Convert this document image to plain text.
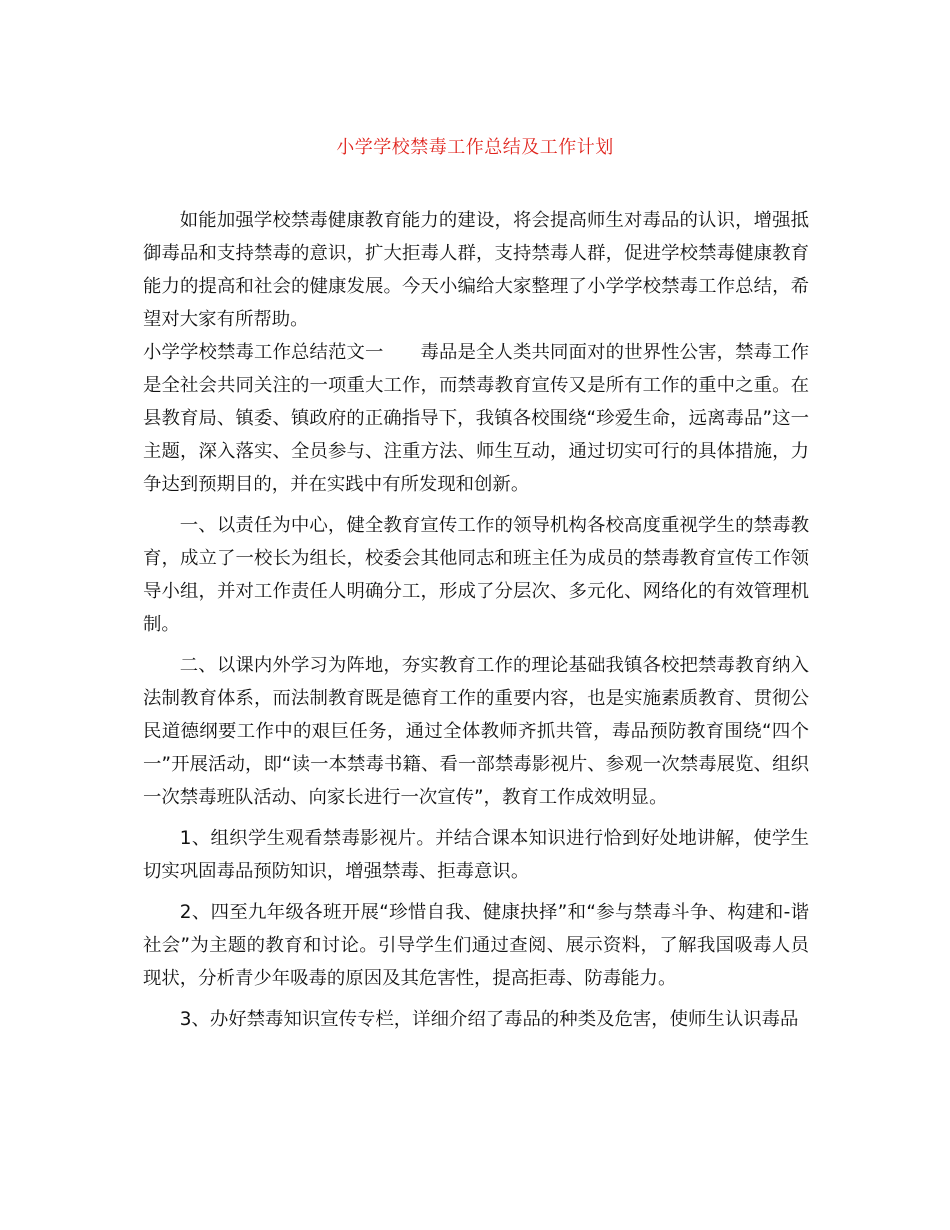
小学学校禁毒工作总结及工作计划

如能加强学校禁毒健康教育能力的建设，将会提高师生对毒品的认识，增强抵御毒品和支持禁毒的意识，扩大拒毒人群，支持禁毒人群，促进学校禁毒健康教育能力的提高和社会的健康发展。今天小编给大家整理了小学学校禁毒工作总结，希望对大家有所帮助。

小学学校禁毒工作总结范文一　　毒品是全人类共同面对的世界性公害，禁毒工作是全社会共同关注的一项重大工作，而禁毒教育宣传又是所有工作的重中之重。在县教育局、镇委、镇政府的正确指导下，我镇各校围绕“珍爱生命，远离毒品”这一主题，深入落实、全员参与、注重方法、师生互动，通过切实可行的具体措施，力争达到预期目的，并在实践中有所发现和创新。

一、以责任为中心，健全教育宣传工作的领导机构各校高度重视学生的禁毒教育，成立了一校长为组长，校委会其他同志和班主任为成员的禁毒教育宣传工作领导小组，并对工作责任人明确分工，形成了分层次、多元化、网络化的有效管理机制。

二、以课内外学习为阵地，夯实教育工作的理论基础我镇各校把禁毒教育纳入法制教育体系，而法制教育既是德育工作的重要内容，也是实施素质教育、贯彻公民道德纲要工作中的艰巨任务，通过全体教师齐抓共管，毒品预防教育围绕“四个一”开展活动，即“读一本禁毒书籍、看一部禁毒影视片、参观一次禁毒展览、组织一次禁毒班队活动、向家长进行一次宣传”，教育工作成效明显。

1、组织学生观看禁毒影视片。并结合课本知识进行恰到好处地讲解，使学生切实巩固毒品预防知识，增强禁毒、拒毒意识。

2、四至九年级各班开展“珍惜自我、健康抉择”和“参与禁毒斗争、构建和-谐社会”为主题的教育和讨论。引导学生们通过查阅、展示资料，了解我国吸毒人员现状，分析青少年吸毒的原因及其危害性，提高拒毒、防毒能力。

3、办好禁毒知识宣传专栏，详细介绍了毒品的种类及危害，使师生认识毒品
